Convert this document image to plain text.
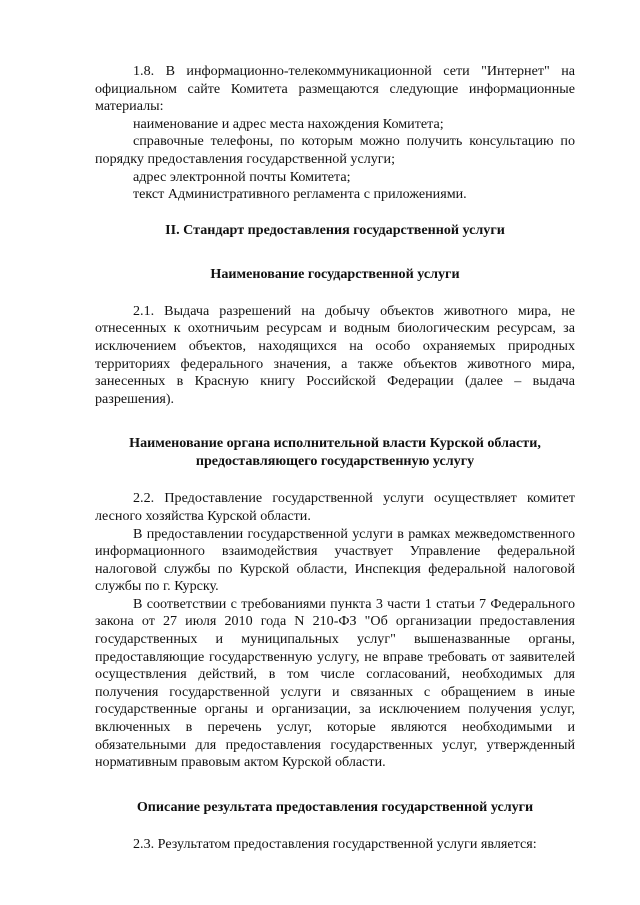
1.8. В информационно-телекоммуникационной сети "Интернет" на официальном сайте Комитета размещаются следующие информационные материалы:

наименование и адрес места нахождения Комитета;

справочные телефоны, по которым можно получить консультацию по порядку предоставления государственной услуги;

адрес электронной почты Комитета;

текст Административного регламента с приложениями.

II. Стандарт предоставления государственной услуги
Наименование государственной услуги

2.1. Выдача разрешений на добычу объектов животного мира, не отнесенных к охотничьим ресурсам и водным биологическим ресурсам, за исключением объектов, находящихся на особо охраняемых природных территориях федерального значения, а также объектов животного мира, занесенных в Красную книгу Российской Федерации (далее – выдача разрешения).

Наименование органа исполнительной власти Курской области, предоставляющего государственную услугу

2.2. Предоставление государственной услуги осуществляет комитет лесного хозяйства Курской области.

В предоставлении государственной услуги в рамках межведомственного информационного взаимодействия участвует Управление федеральной налоговой службы по Курской области, Инспекция федеральной налоговой службы по г. Курску.

В соответствии с требованиями пункта 3 части 1 статьи 7 Федерального закона от 27 июля 2010 года N 210-ФЗ "Об организации предоставления государственных и муниципальных услуг" вышеназванные органы, предоставляющие государственную услугу, не вправе требовать от заявителей осуществления действий, в том числе согласований, необходимых для получения государственной услуги и связанных с обращением в иные государственные органы и организации, за исключением получения услуг, включенных в перечень услуг, которые являются необходимыми и обязательными для предоставления государственных услуг, утвержденный нормативным правовым актом Курской области.

Описание результата предоставления государственной услуги

2.3. Результатом предоставления государственной услуги является:
